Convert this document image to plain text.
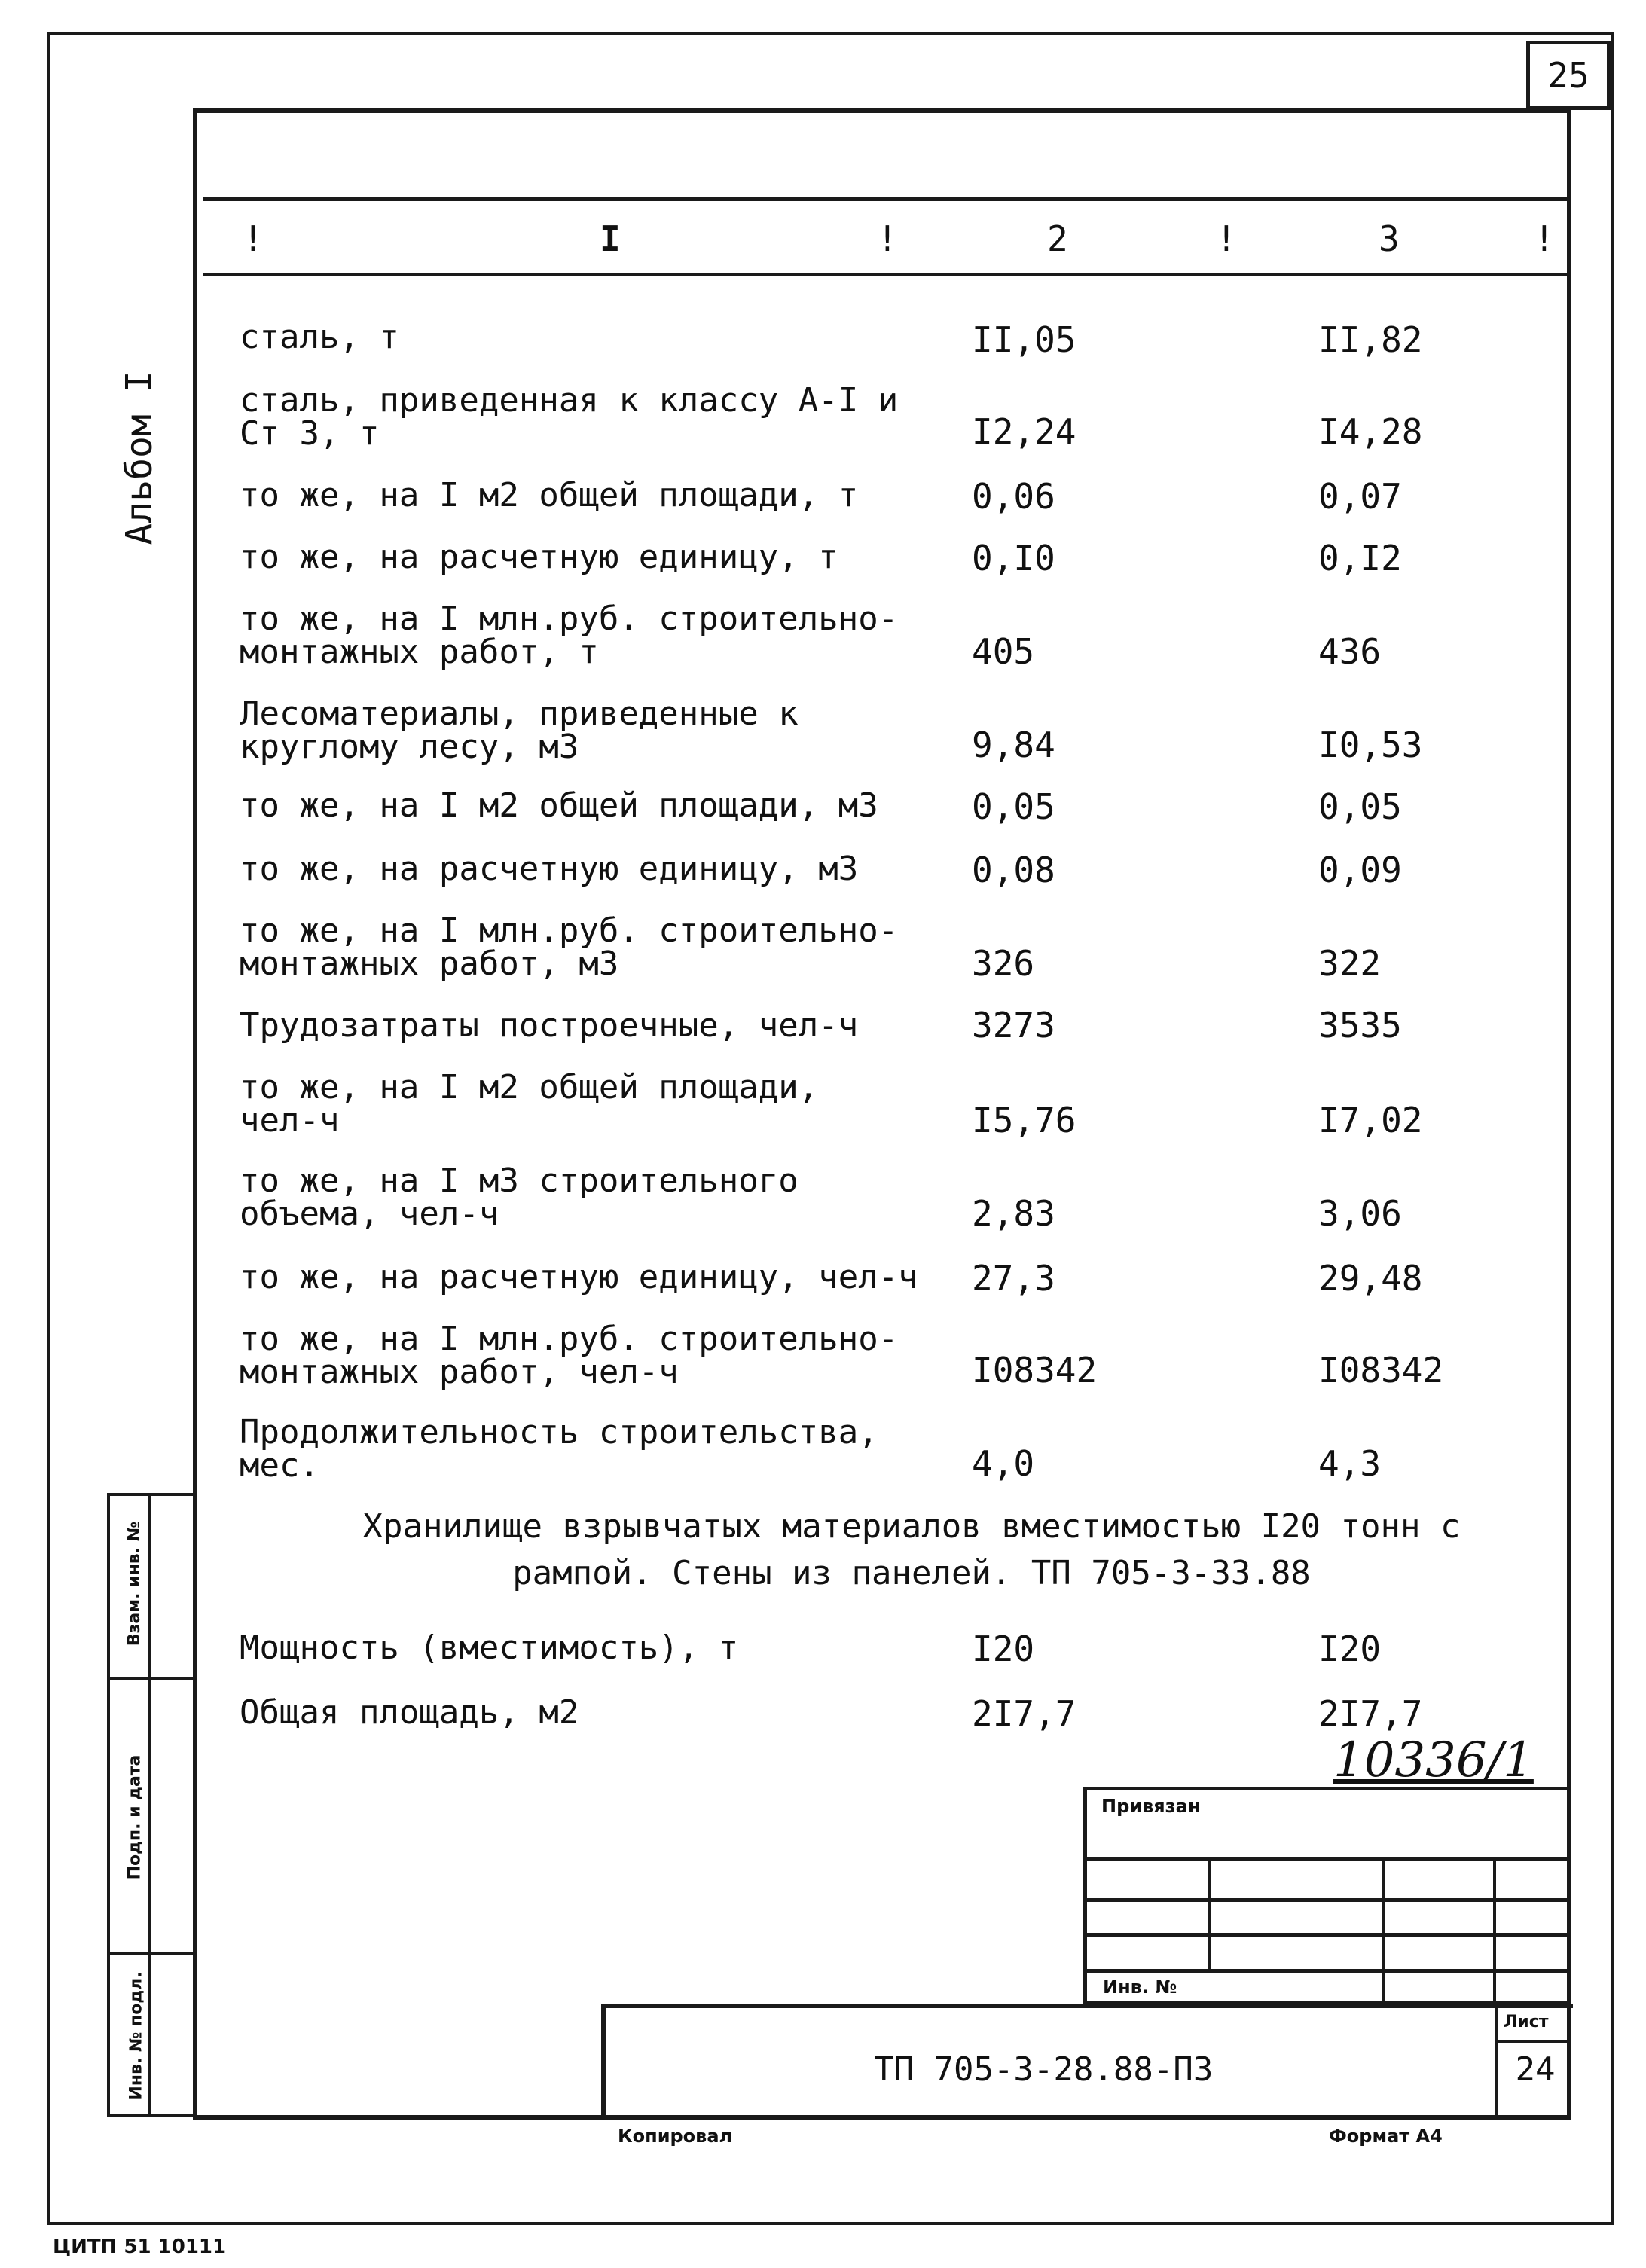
25
Альбом I
!	I	!	2	!	3	!
сталь, т	II,05	II,82
сталь, приведенная к классу А-I и
Ст 3, т	I2,24	I4,28
то же, на I м2 общей площади, т	0,06	0,07
то же, на расчетную единицу, т	0,I0	0,I2
то же, на I млн.руб. строительно-
монтажных работ, т	405	436
Лесоматериалы, приведенные к
круглому лесу, м3	9,84	I0,53
то же, на I м2 общей площади, м3	0,05	0,05
то же, на расчетную единицу, м3	0,08	0,09
то же, на I млн.руб. строительно-
монтажных работ, м3	326	322
Трудозатраты построечные, чел-ч	3273	3535
то же, на I м2 общей площади,
чел-ч	I5,76	I7,02
то же, на I м3 строительного
объема, чел-ч	2,83	3,06
то же, на расчетную единицу, чел-ч	27,3	29,48
то же, на I млн.руб. строительно-
монтажных работ, чел-ч	I08342	I08342
Продолжительность строительства,
мес.	4,0	4,3
Хранилище взрывчатых материалов вместимостью I20 тонн с
рампой. Стены из панелей. ТП 705-3-33.88
Мощность (вместимость), т	I20	I20
Общая площадь, м2	2I7,7	2I7,7
10336/1
Привязан
Инв. №
Лист
24
ТП 705-3-28.88-ПЗ
Взам. инв. №
Подп. и дата
Инв. № подл.
Копировал	Формат А4
ЦИТП 51 10111
